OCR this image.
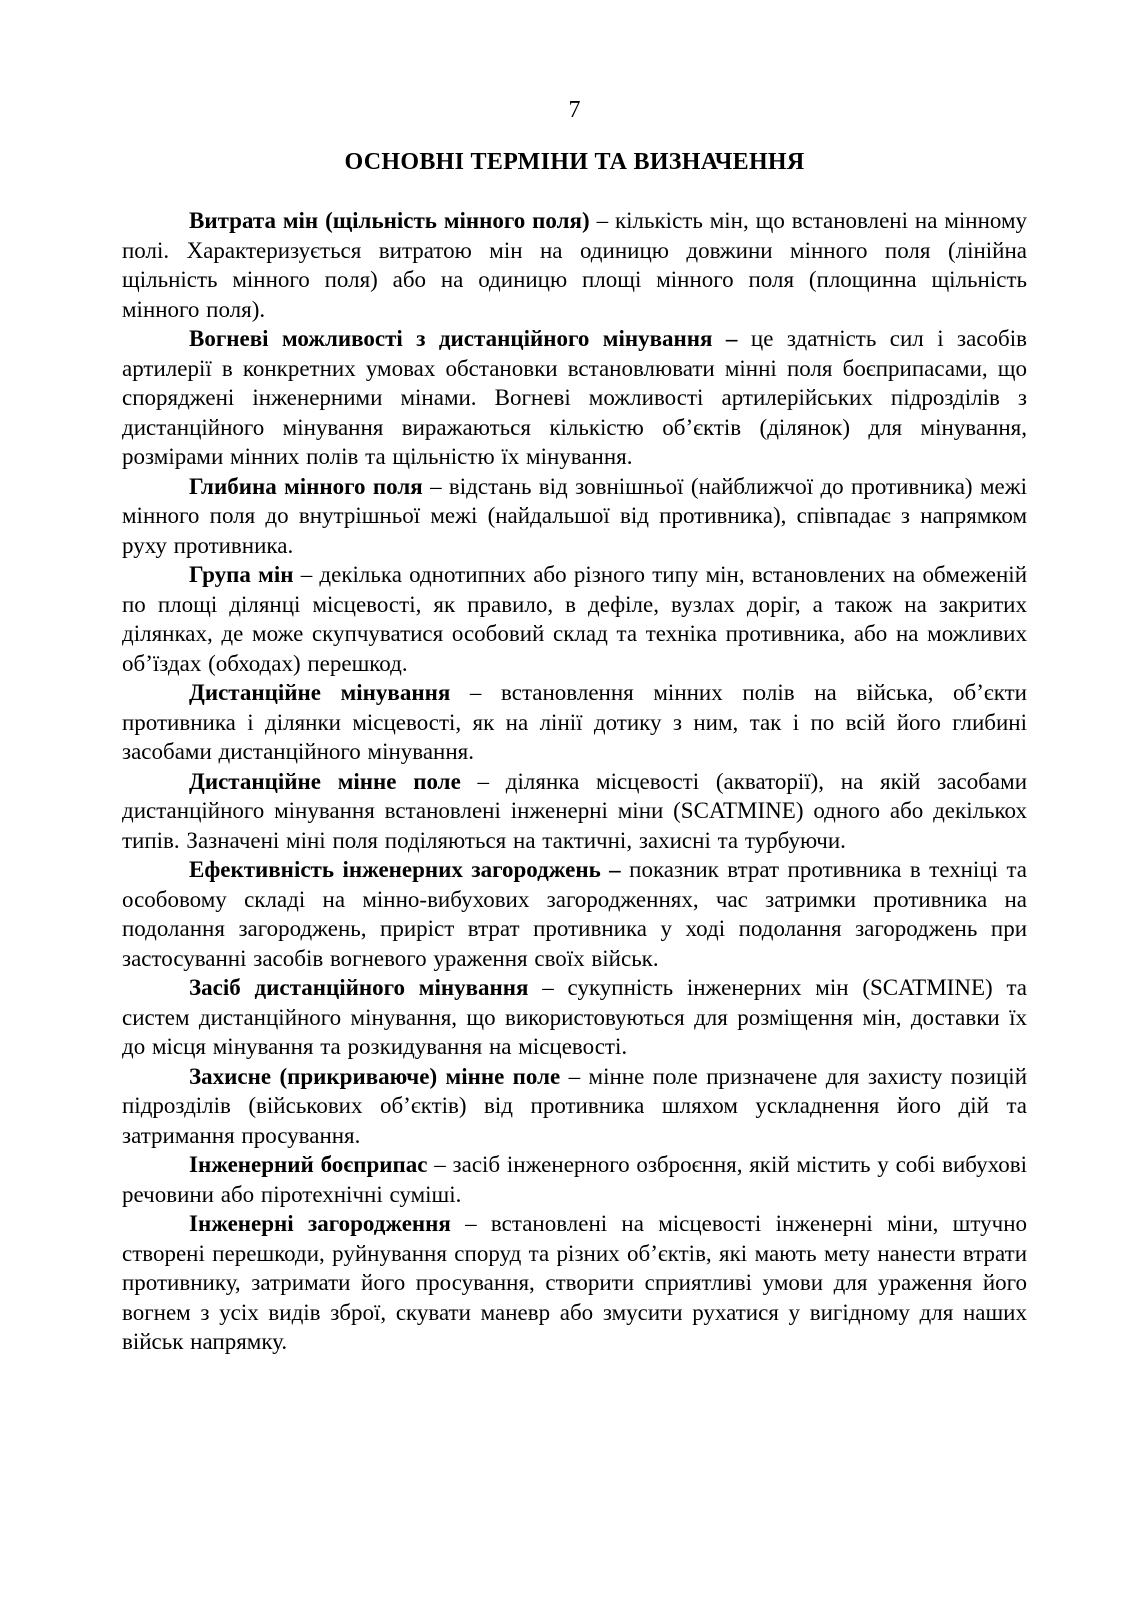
7

ОСНОВНІ ТЕРМІНИ ТА ВИЗНАЧЕННЯ

Витрата мін (щільність мінного поля) – кількість мін, що встановлені на мінному полі. Характеризується витратою мін на одиницю довжини мінного поля (лінійна щільність мінного поля) або на одиницю площі мінного поля (площинна щільність мінного поля).

Вогневі можливості з дистанційного мінування – це здатність сил і засобів артилерії в конкретних умовах обстановки встановлювати мінні поля боєприпасами, що споряджені інженерними мінами. Вогневі можливості артилерійських підрозділів з дистанційного мінування виражаються кількістю об’єктів (ділянок) для мінування, розмірами мінних полів та щільністю їх мінування.

Глибина мінного поля – відстань від зовнішньої (найближчої до противника) межі мінного поля до внутрішньої межі (найдальшої від противника), співпадає з напрямком руху противника.

Група мін – декілька однотипних або різного типу мін, встановлених на обмеженій по площі ділянці місцевості, як правило, в дефіле, вузлах доріг, а також на закритих ділянках, де може скупчуватися особовий склад та техніка противника, або на можливих об’їздах (обходах) перешкод.

Дистанційне мінування – встановлення мінних полів на війська, об’єкти противника і ділянки місцевості, як на лінії дотику з ним, так і по всій його глибині засобами дистанційного мінування.

Дистанційне мінне поле – ділянка місцевості (акваторії), на якій засобами дистанційного мінування встановлені інженерні міни (SCATMINE) одного або декількох типів. Зазначені міні поля поділяються на тактичні, захисні та турбуючи.

Ефективність інженерних загороджень – показник втрат противника в техніці та особовому складі на мінно-вибухових загородженнях, час затримки противника на подолання загороджень, приріст втрат противника у ході подолання загороджень при застосуванні засобів вогневого ураження своїх військ.

Засіб дистанційного мінування – сукупність інженерних мін (SCATMINE) та систем дистанційного мінування, що використовуються для розміщення мін, доставки їх до місця мінування та розкидування на місцевості.

Захисне (прикриваюче) мінне поле – мінне поле призначене для захисту позицій підрозділів (військових об’єктів) від противника шляхом ускладнення його дій та затримання просування.

Інженерний боєприпас – засіб інженерного озброєння, якій містить у собі вибухові речовини або піротехнічні суміші.

Інженерні загородження – встановлені на місцевості інженерні міни, штучно створені перешкоди, руйнування споруд та різних об’єктів, які мають мету нанести втрати противнику, затримати його просування, створити сприятливі умови для ураження його вогнем з усіх видів зброї, скувати маневр або змусити рухатися у вигідному для наших військ напрямку.
